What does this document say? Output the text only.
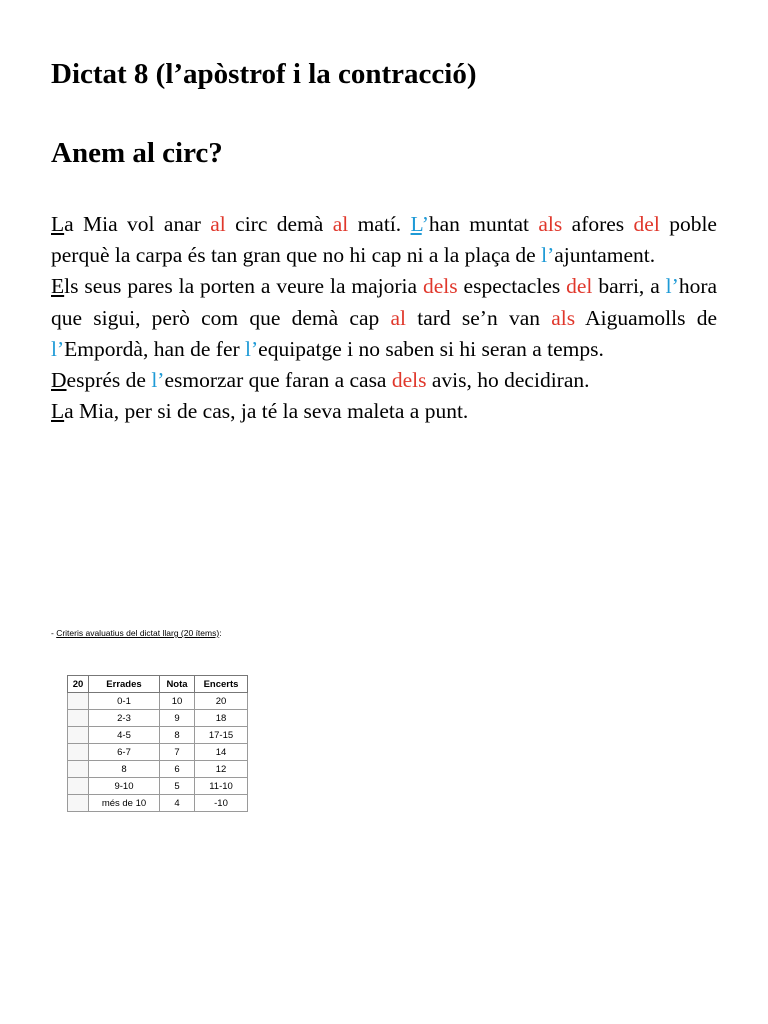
Dictat 8 (l’apòstrof i la contracció)
Anem al circ?

La Mia vol anar al circ demà al matí. L’han muntat als afores del poble perquè la carpa és tan gran que no hi cap ni a la plaça de l’ajuntament.

Els seus pares la porten a veure la majoria dels espectacles del barri, a l’hora que sigui, però com que demà cap al tard se’n van als Aiguamolls de l’Empordà, han de fer l’equipatge i no saben si hi seran a temps.

Després de l’esmorzar que faran a casa dels avis, ho decidiran.

La Mia, per si de cas, ja té la seva maleta a punt.

- Criteris avaluatius del dictat llarg (20 ítems):
20	Errades	Nota	Encerts
	0-1	10	20
	2-3	9	18
	4-5	8	17-15
	6-7	7	14
	8	6	12
	9-10	5	11-10
	més de 10	4	-10
